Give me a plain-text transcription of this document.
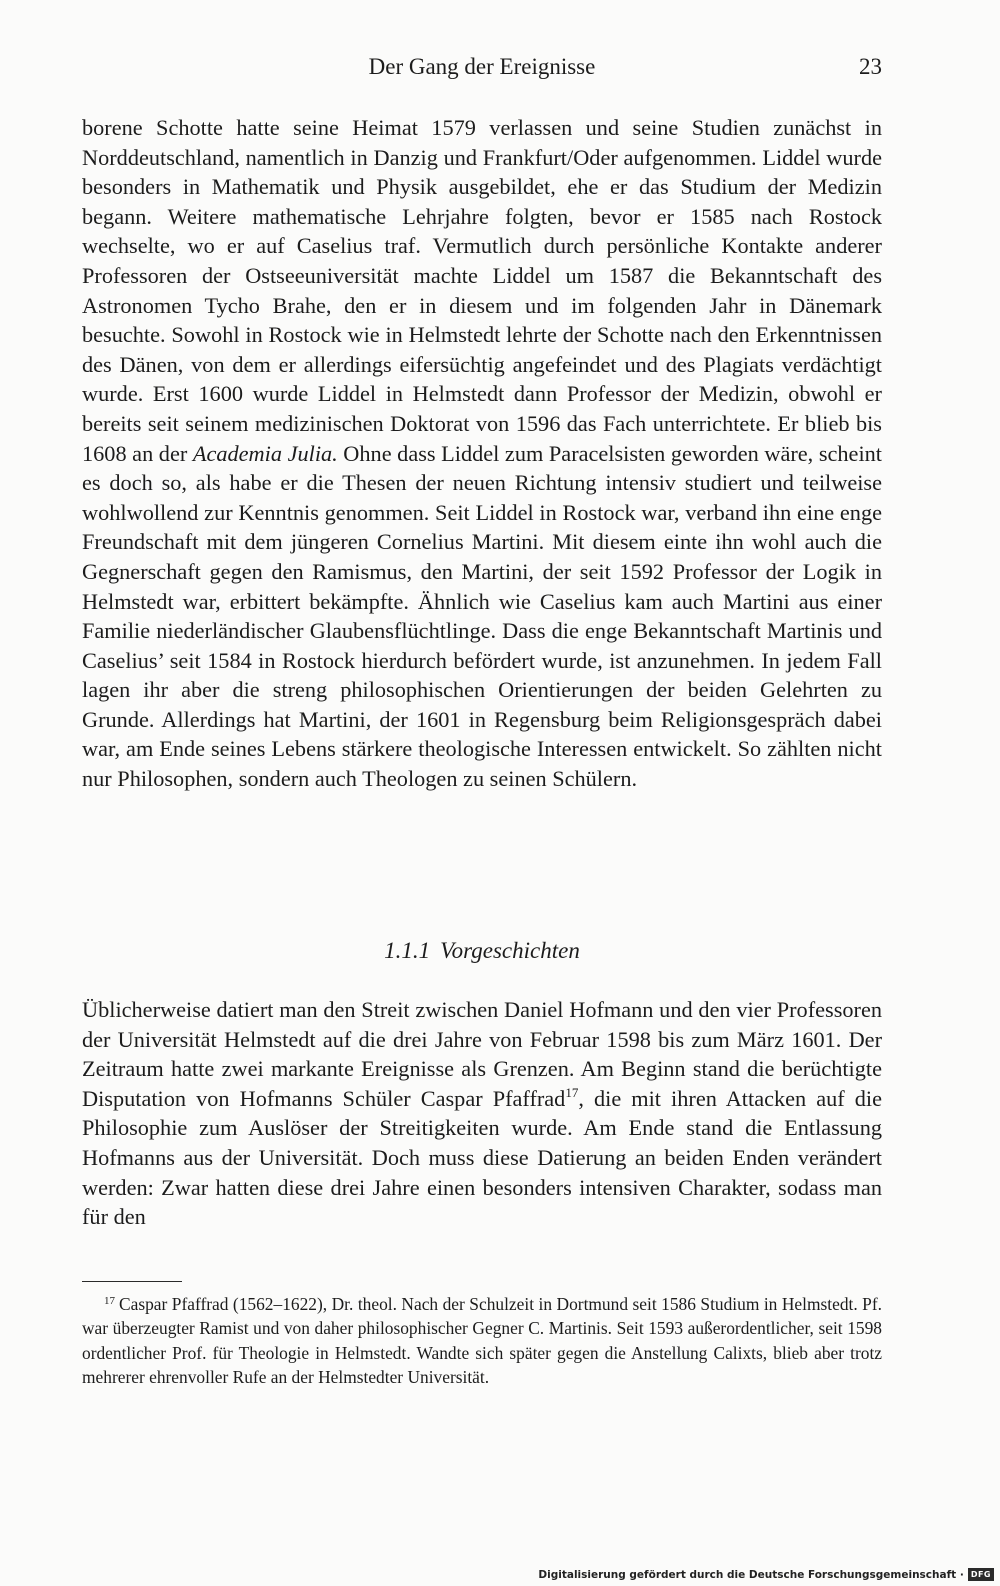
Der Gang der Ereignisse	23

borene Schotte hatte seine Heimat 1579 verlassen und seine Studien zunächst in Norddeutschland, namentlich in Danzig und Frankfurt/Oder aufgenommen. Liddel wurde besonders in Mathematik und Physik ausgebildet, ehe er das Studium der Medizin begann. Weitere mathematische Lehrjahre folgten, bevor er 1585 nach Rostock wechselte, wo er auf Caselius traf. Vermutlich durch persönliche Kontakte anderer Professoren der Ostseeuniversität machte Liddel um 1587 die Bekanntschaft des Astronomen Tycho Brahe, den er in diesem und im folgenden Jahr in Dänemark besuchte. Sowohl in Rostock wie in Helmstedt lehrte der Schotte nach den Erkenntnissen des Dänen, von dem er allerdings eifersüchtig angefeindet und des Plagiats verdächtigt wurde. Erst 1600 wurde Liddel in Helmstedt dann Professor der Medizin, obwohl er bereits seit seinem medizinischen Doktorat von 1596 das Fach unterrichtete. Er blieb bis 1608 an der Academia Julia. Ohne dass Liddel zum Paracelsisten geworden wäre, scheint es doch so, als habe er die Thesen der neuen Richtung intensiv studiert und teilweise wohlwollend zur Kenntnis genommen. Seit Liddel in Rostock war, verband ihn eine enge Freundschaft mit dem jüngeren Cornelius Martini. Mit diesem einte ihn wohl auch die Gegnerschaft gegen den Ramismus, den Martini, der seit 1592 Professor der Logik in Helmstedt war, erbittert bekämpfte. Ähnlich wie Caselius kam auch Martini aus einer Familie niederländischer Glaubensflüchtlinge. Dass die enge Bekanntschaft Martinis und Caselius’ seit 1584 in Rostock hierdurch befördert wurde, ist anzunehmen. In jedem Fall lagen ihr aber die streng philosophischen Orientierungen der beiden Gelehrten zu Grunde. Allerdings hat Martini, der 1601 in Regensburg beim Religionsgespräch dabei war, am Ende seines Lebens stärkere theologische Interessen entwickelt. So zählten nicht nur Philosophen, sondern auch Theologen zu seinen Schülern.

1.1.1 Vorgeschichten

Üblicherweise datiert man den Streit zwischen Daniel Hofmann und den vier Professoren der Universität Helmstedt auf die drei Jahre von Februar 1598 bis zum März 1601. Der Zeitraum hatte zwei markante Ereignisse als Grenzen. Am Beginn stand die berüchtigte Disputation von Hofmanns Schüler Caspar Pfaffrad$^{17}$, die mit ihren Attacken auf die Philosophie zum Auslöser der Streitigkeiten wurde. Am Ende stand die Entlassung Hofmanns aus der Universität. Doch muss diese Datierung an beiden Enden verändert werden: Zwar hatten diese drei Jahre einen besonders intensiven Charakter, sodass man für den

$^{17}$ Caspar Pfaffrad (1562–1622), Dr. theol. Nach der Schulzeit in Dortmund seit 1586 Studium in Helmstedt. Pf. war überzeugter Ramist und von daher philosophischer Gegner C. Martinis. Seit 1593 außerordentlicher, seit 1598 ordentlicher Prof. für Theologie in Helmstedt. Wandte sich später gegen die Anstellung Calixts, blieb aber trotz mehrerer ehrenvoller Rufe an der Helmstedter Universität.

Digitalisierung gefördert durch die Deutsche Forschungsgemeinschaft · DFG
